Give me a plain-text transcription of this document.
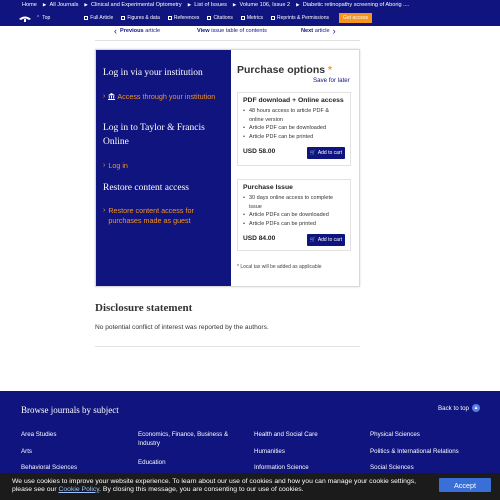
Home ▶ All Journals ▶ Clinical and Experimental Optometry ▶ List of Issues ▶ Volume 106, Issue 2 ▶ Diabetic retinopathy screening of Aborig ....
⌃ Top	Full Article	Figures & data	References	Citations	Metrics	Reprints & Permissions	Get access
‹ Previous article	View issue table of contents	Next article ›
Log in via your institution
›	Access through your institution
Log in to Taylor & Francis Online
› Log in
Restore content access
› Restore content access for purchases made as guest
Purchase options *
Save for later
PDF download + Online access
• 48 hours access to article PDF & online version
• Article PDF can be downloaded
• Article PDF can be printed
USD 58.00	🛒 Add to cart
Purchase Issue
• 30 days online access to complete issue
• Article PDFs can be downloaded
• Article PDFs can be printed
USD 84.00	🛒 Add to cart
* Local tax will be added as applicable
Disclosure statement
No potential conflict of interest was reported by the authors.
Browse journals by subject	Back to top ▲
Area Studies
Arts
Behavioral Sciences
Economics, Finance, Business & Industry
Education
Health and Social Care
Humanities
Information Science
Physical Sciences
Politics & International Relations
Social Sciences
We use cookies to improve your website experience. To learn about our use of cookies and how you can manage your cookie settings, please see our Cookie Policy. By closing this message, you are consenting to our use of cookies.	Accept
